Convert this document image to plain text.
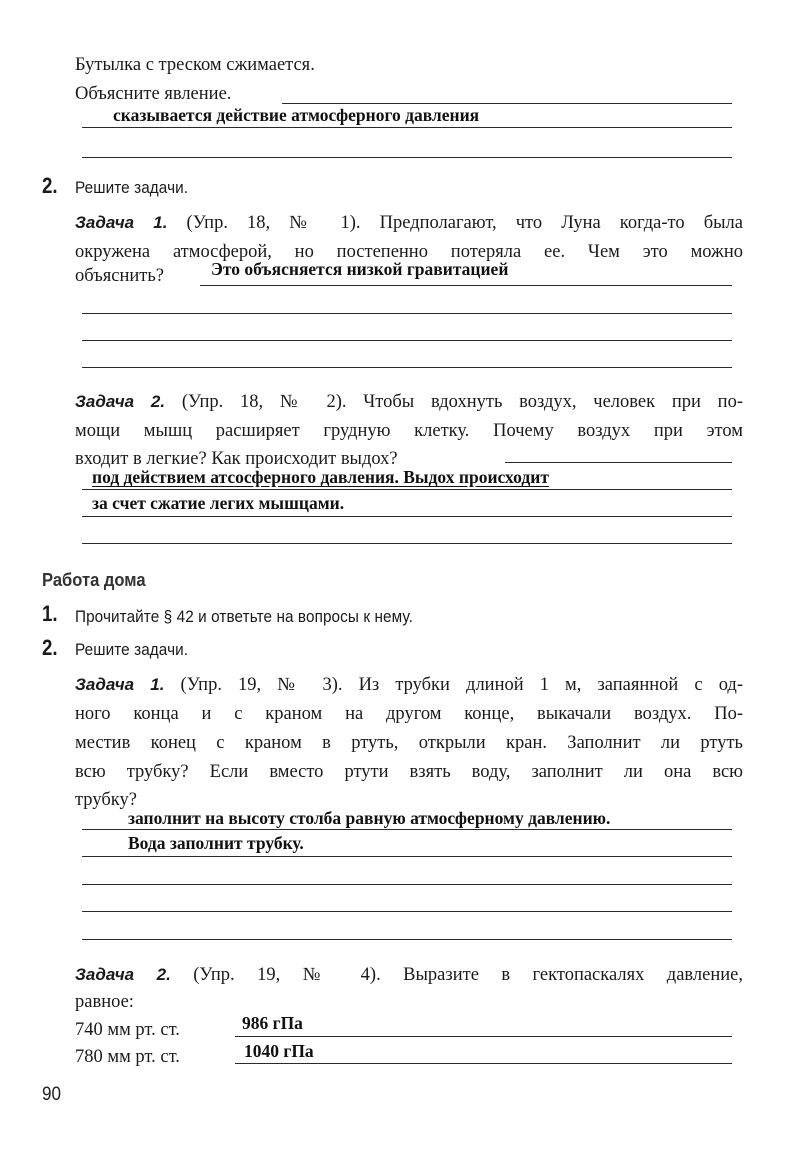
Бутылка с треском сжимается.
Объясните явление.
сказывается действие атмосферного давления
2. Решите задачи.
Задача 1. (Упр. 18, № 1). Предполагают, что Луна когда-то была
окружена атмосферой, но постепенно потеряла ее. Чем это можно
объяснить?	Это объясняется низкой гравитацией
Задача 2. (Упр. 18, № 2). Чтобы вдохнуть воздух, человек при по-
мощи мышц расширяет грудную клетку. Почему воздух при этом
входит в легкие? Как происходит выдох?
под действием атсосферного давления. Выдох происходит
за счет сжатие легих мышцами.
Работа дома
1. Прочитайте § 42 и ответьте на вопросы к нему.
2. Решите задачи.
Задача 1. (Упр. 19, № 3). Из трубки длиной 1 м, запаянной с од-
ного конца и с краном на другом конце, выкачали воздух. По-
местив конец с краном в ртуть, открыли кран. Заполнит ли ртуть
всю трубку? Если вместо ртути взять воду, заполнит ли она всю
трубку?
заполнит на высоту столба равную атмосферному давлению.
Вода заполнит трубку.
Задача 2. (Упр. 19, № 4). Выразите в гектопаскалях давление,
равное:
740 мм рт. ст.	986 гПа
780 мм рт. ст.	1040 гПа
90
